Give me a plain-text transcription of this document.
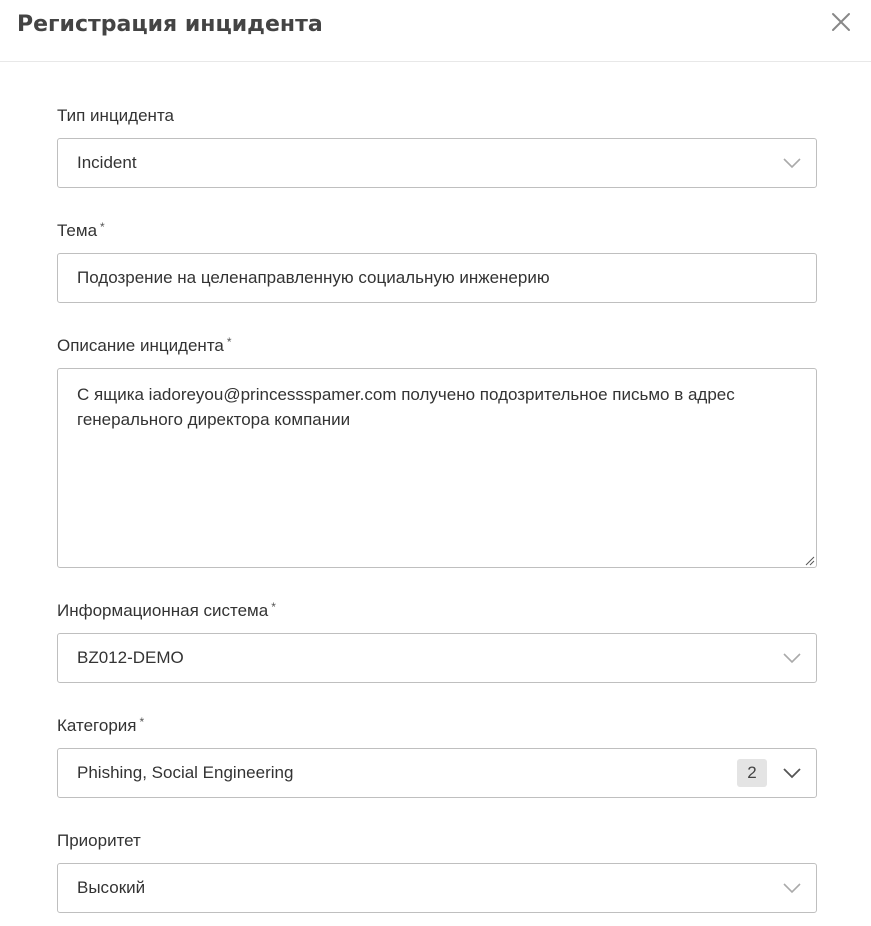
Регистрация инцидента
Тип инцидента
Incident
Тема *
Подозрение на целенаправленную социальную инженерию
Описание инцидента *
С ящика iadoreyou@princessspamer.com получено подозрительное письмо в адрес генерального директора компании
Информационная система *
BZ012-DEMO
Категория *
Phishing, Social Engineering	2
Приоритет
Высокий
